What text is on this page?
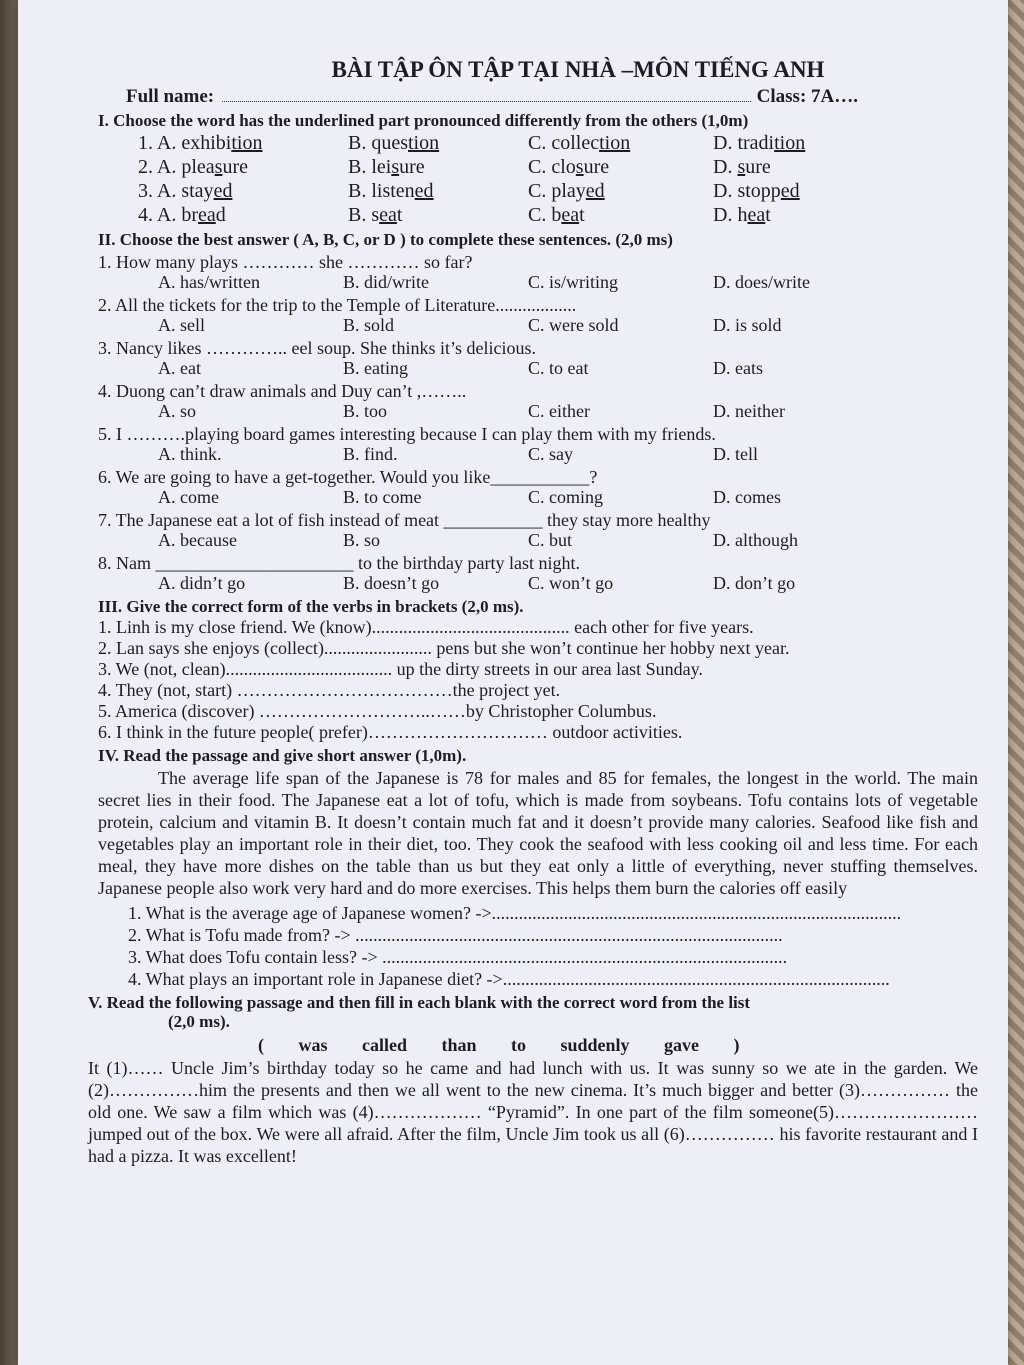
BÀI TẬP ÔN TẬP TẠI NHÀ –MÔN TIẾNG ANH
Full name:	Class: 7A….
I. Choose the word has the underlined part pronounced differently from the others (1,0m)
1. A. exhibition	B. question	C. collection	D. tradition
2. A. pleasure	B. leisure	C. closure	D. sure
3. A. stayed	B. listened	C. played	D. stopped
4. A. bread	B. seat	C. beat	D. heat
II. Choose the best answer ( A, B, C, or D ) to complete these sentences. (2,0 ms)
1. How many plays ………… she ………… so far?
A. has/written	B. did/write	C. is/writing	D. does/write
2. All the tickets for the trip to the Temple of Literature..................
A. sell	B. sold	C. were sold	D. is sold
3. Nancy likes ………….. eel soup. She thinks it’s delicious.
A. eat	B. eating	C. to eat	D. eats
4. Duong can’t draw animals and Duy can’t ,……..
A. so	B. too	C. either	D. neither
5. I ……….playing board games interesting because I can play them with my friends.
A. think.	B. find.	C. say	D. tell
6. We are going to have a get-together. Would you like___________?
A. come	B. to come	C. coming	D. comes
7. The Japanese eat a lot of fish instead of meat ___________ they stay more healthy
A. because	B. so	C. but	D. although
8. Nam ______________________ to the birthday party last night.
A. didn’t go	B. doesn’t go	C. won’t go	D. don’t go
III. Give the correct form of the verbs in brackets (2,0 ms).
1. Linh is my close friend. We (know)............................................ each other for five years.
2. Lan says she enjoys (collect)........................ pens but she won’t continue her hobby next year.
3. We (not, clean)..................................... up the dirty streets in our area last Sunday.
4. They (not, start) ………………………………the project yet.
5. America (discover) ………………………..……by Christopher Columbus.
6. I think in the future people( prefer)………………………… outdoor activities.
IV. Read the passage and give short answer (1,0m).
The average life span of the Japanese is 78 for males and 85 for females, the longest in the world. The main secret lies in their food. The Japanese eat a lot of tofu, which is made from soybeans. Tofu contains lots of vegetable protein, calcium and vitamin B. It doesn’t contain much fat and it doesn’t provide many calories. Seafood like fish and vegetables play an important role in their diet, too. They cook the seafood with less cooking oil and less time. For each meal, they have more dishes on the table than us but they eat only a little of everything, never stuffing themselves. Japanese people also work very hard and do more exercises. This helps them burn the calories off easily
1. What is the average age of Japanese women? ->...........................................................................................
2. What is Tofu made from? -> ...............................................................................................
3. What does Tofu contain less? -> ..........................................................................................
4. What plays an important role in Japanese diet? ->......................................................................................
V. Read the following passage and then fill in each blank with the correct word from the list
(2,0 ms).
( was called than to suddenly gave )
It (1)…… Uncle Jim’s birthday today so he came and had lunch with us. It was sunny so we ate in the garden. We (2)……………him the presents and then we all went to the new cinema. It’s much bigger and better (3)…………… the old one. We saw a film which was (4)……………… “Pyramid”. In one part of the film someone(5)…………………… jumped out of the box. We were all afraid. After the film, Uncle Jim took us all (6)…………… his favorite restaurant and I had a pizza. It was excellent!
